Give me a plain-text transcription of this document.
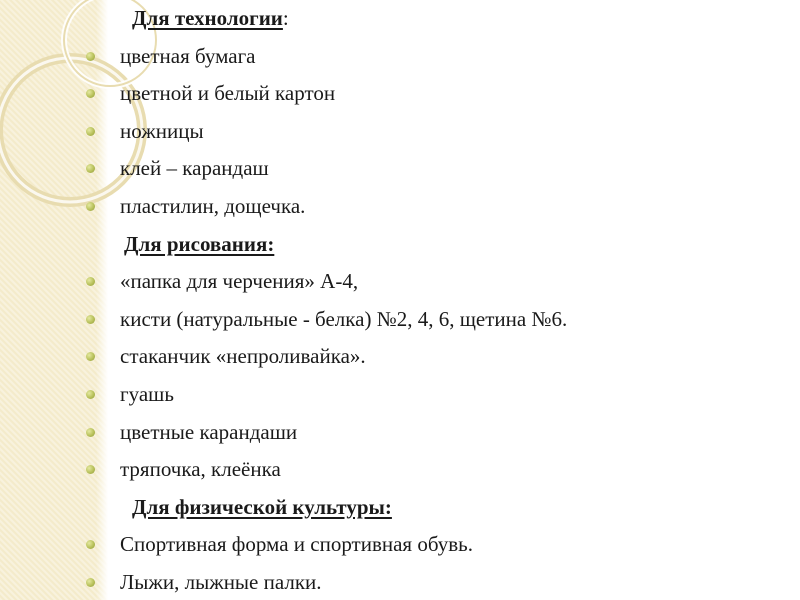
Для технологии:
цветная бумага
цветной и белый картон
ножницы
клей – карандаш
пластилин, дощечка.
Для рисования:
«папка для черчения» А-4,
кисти (натуральные - белка) №2, 4, 6, щетина №6.
стаканчик «непроливайка».
гуашь
цветные карандаши
тряпочка, клеёнка
Для физической культуры:
Спортивная форма и спортивная обувь.
Лыжи, лыжные палки.
